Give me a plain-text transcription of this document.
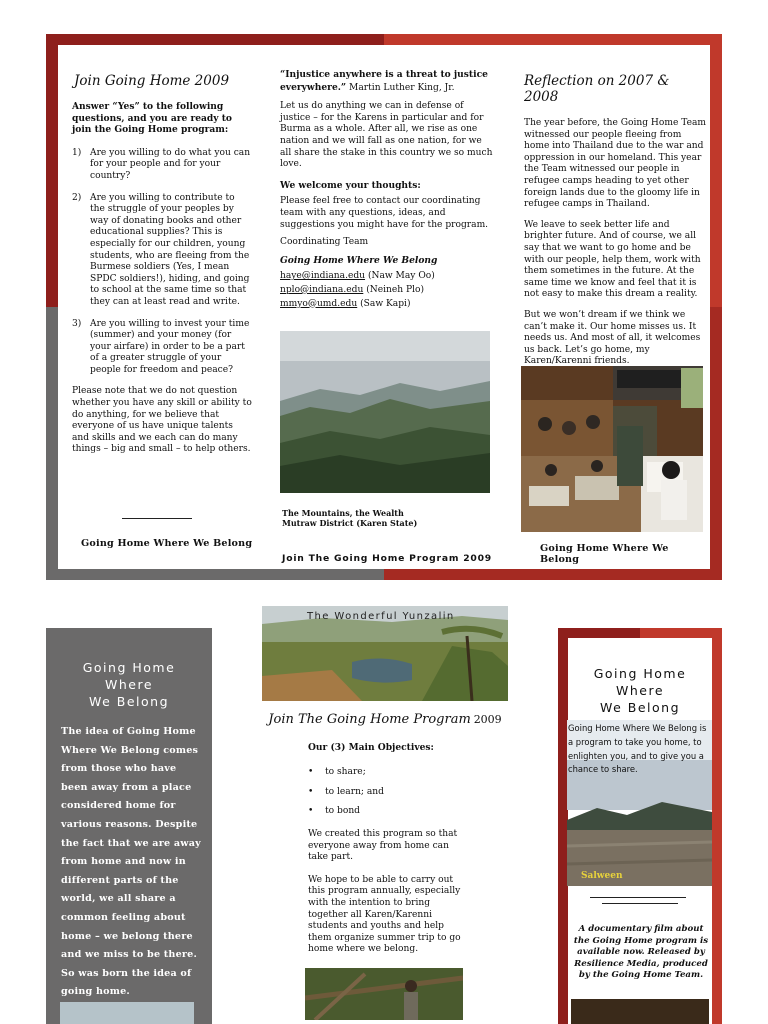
Join Going Home 2009

Answer “Yes” to the following questions, and you are ready to join the Going Home program:

1) Are you willing to do what you can for your people and for your country?
2) Are you willing to contribute to the struggle of your peoples by way of donating books and other educational supplies? This is especially for our children, young students, who are fleeing from the Burmese soldiers (Yes, I mean SPDC soldiers!), hiding, and going to school at the same time so that they can at least read and write.
3) Are you willing to invest your time (summer) and your money (for your airfare) in order to be a part of a greater struggle of your people for freedom and peace?

Please note that we do not question whether you have any skill or ability to do anything, for we believe that everyone of us have unique talents and skills and we each can do many things – big and small – to help others.

Going Home Where We Belong

“Injustice anywhere is a threat to justice everywhere.” Martin Luther King, Jr.

Let us do anything we can in defense of justice – for the Karens in particular and for Burma as a whole. After all, we rise as one nation and we will fall as one nation, for we all share the stake in this country we so much love.

We welcome your thoughts:

Please feel free to contact our coordinating team with any questions, ideas, and suggestions you might have for the program.

Coordinating Team

Going Home Where We Belong

haye@indiana.edu (Naw May Oo)
nplo@indiana.edu (Neineh Plo)
mmyo@umd.edu (Saw Kapi)
The Mountains, the Wealth
Mutraw District (Karen State)
Join The Going Home Program 2009
Reflection on 2007 & 2008

The year before, the Going Home Team witnessed our people fleeing from home into Thailand due to the war and oppression in our homeland. This year the Team witnessed our people in refugee camps heading to yet other foreign lands due to the gloomy life in refugee camps in Thailand.

We leave to seek better life and brighter future. And of course, we all say that we want to go home and be with our people, help them, work with them sometimes in the future. At the same time we know and feel that it is not easy to make this dream a reality.

But we won’t dream if we think we can’t make it. Our home misses us. It needs us. And most of all, it welcomes us back. Let’s go home, my Karen/Karenni friends.

Going Home Where We Belong
Going Home
Where
We Belong
The idea of Going Home Where We Belong comes from those who have been away from a place considered home for various reasons. Despite the fact that we are away from home and now in different parts of the world, we all share a common feeling about home – we belong there and we miss to be there. So was born the idea of going home.
The Wonderful Yunzalin
Join The Going Home Program 2009

Our (3) Main Objectives:

•	to share;
•	to learn; and
•	to bond

We created this program so that everyone away from home can take part.

We hope to be able to carry out this program annually, especially with the intention to bring together all Karen/Karenni students and youths and help them organize summer trip to go home where we belong.

Going Home
Where
We Belong
Salween
Going Home Where We Belong is a program to take you home, to enlighten you, and to give you a chance to share.
A documentary film about the Going Home program is available now. Released by Resilience Media, produced by the Going Home Team.
